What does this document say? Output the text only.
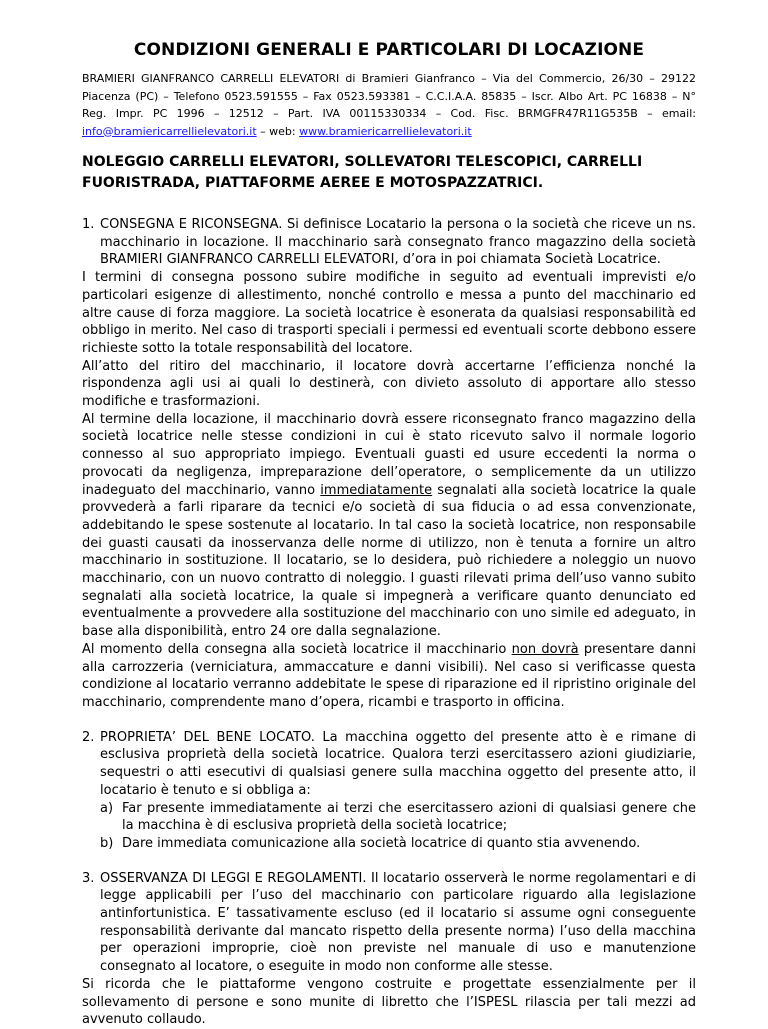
CONDIZIONI GENERALI E PARTICOLARI DI LOCAZIONE
BRAMIERI GIANFRANCO CARRELLI ELEVATORI di Bramieri Gianfranco – Via del Commercio, 26/30 – 29122 Piacenza (PC) – Telefono 0523.591555 – Fax 0523.593381 – C.C.I.A.A. 85835 – Iscr. Albo Art. PC 16838 – N° Reg. Impr. PC 1996 – 12512 – Part. IVA 00115330334 – Cod. Fisc. BRMGFR47R11G535B – email: info@bramiericarrellielevatori.it – web: www.bramiericarrellielevatori.it
NOLEGGIO CARRELLI ELEVATORI, SOLLEVATORI TELESCOPICI, CARRELLI FUORISTRADA, PIATTAFORME AEREE E MOTOSPAZZATRICI.
1. CONSEGNA E RICONSEGNA. Si definisce Locatario la persona o la società che riceve un ns. macchinario in locazione. Il macchinario sarà consegnato franco magazzino della società BRAMIERI GIANFRANCO CARRELLI ELEVATORI, d’ora in poi chiamata Società Locatrice.

I termini di consegna possono subire modifiche in seguito ad eventuali imprevisti e/o particolari esigenze di allestimento, nonché controllo e messa a punto del macchinario ed altre cause di forza maggiore. La società locatrice è esonerata da qualsiasi responsabilità ed obbligo in merito. Nel caso di trasporti speciali i permessi ed eventuali scorte debbono essere richieste sotto la totale responsabilità del locatore.

All’atto del ritiro del macchinario, il locatore dovrà accertarne l’efficienza nonché la rispondenza agli usi ai quali lo destinerà, con divieto assoluto di apportare allo stesso modifiche e trasformazioni.

Al termine della locazione, il macchinario dovrà essere riconsegnato franco magazzino della società locatrice nelle stesse condizioni in cui è stato ricevuto salvo il normale logorio connesso al suo appropriato impiego. Eventuali guasti ed usure eccedenti la norma o provocati da negligenza, impreparazione dell’operatore, o semplicemente da un utilizzo inadeguato del macchinario, vanno immediatamente segnalati alla società locatrice la quale provvederà a farli riparare da tecnici e/o società di sua fiducia o ad essa convenzionate, addebitando le spese sostenute al locatario. In tal caso la società locatrice, non responsabile dei guasti causati da inosservanza delle norme di utilizzo, non è tenuta a fornire un altro macchinario in sostituzione. Il locatario, se lo desidera, può richiedere a noleggio un nuovo macchinario, con un nuovo contratto di noleggio. I guasti rilevati prima dell’uso vanno subito segnalati alla società locatrice, la quale si impegnerà a verificare quanto denunciato ed eventualmente a provvedere alla sostituzione del macchinario con uno simile ed adeguato, in base alla disponibilità, entro 24 ore dalla segnalazione.

Al momento della consegna alla società locatrice il macchinario non dovrà presentare danni alla carrozzeria (verniciatura, ammaccature e danni visibili). Nel caso si verificasse questa condizione al locatario verranno addebitate le spese di riparazione ed il ripristino originale del macchinario, comprendente mano d’opera, ricambi e trasporto in officina.

2. PROPRIETA’ DEL BENE LOCATO. La macchina oggetto del presente atto è e rimane di esclusiva proprietà della società locatrice. Qualora terzi esercitassero azioni giudiziarie, sequestri o atti esecutivi di qualsiasi genere sulla macchina oggetto del presente atto, il locatario è tenuto e si obbliga a:
a) Far presente immediatamente ai terzi che esercitassero azioni di qualsiasi genere che la macchina è di esclusiva proprietà della società locatrice;
b) Dare immediata comunicazione alla società locatrice di quanto stia avvenendo.
3. OSSERVANZA DI LEGGI E REGOLAMENTI. Il locatario osserverà le norme regolamentari e di legge applicabili per l’uso del macchinario con particolare riguardo alla legislazione antinfortunistica. E’ tassativamente escluso (ed il locatario si assume ogni conseguente responsabilità derivante dal mancato rispetto della presente norma) l’uso della macchina per operazioni improprie, cioè non previste nel manuale di uso e manutenzione consegnato al locatore, o eseguite in modo non conforme alle stesse.

Si ricorda che le piattaforme vengono costruite e progettate essenzialmente per il sollevamento di persone e sono munite di libretto che l’ISPESL rilascia per tali mezzi ad avvenuto collaudo.
